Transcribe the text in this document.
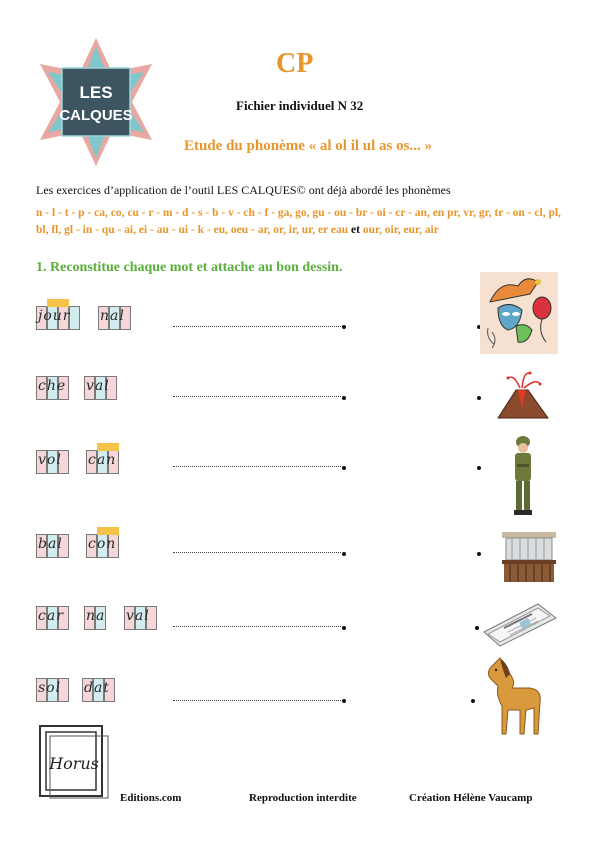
LES
CALQUES
CP
Fichier individuel N 32
Etude du phonème « al ol il ul as os... »
Les exercices d’application de l’outil LES CALQUES© ont déjà abordé les phonèmes
n - l - t - p - ca, co, cu - r - m - d - s - b - v - ch - f - ga, go, gu - ou - br - oi - cr - an, en pr, vr, gr, tr - on - cl, pl, bl, fl, gl - in - qu - ai, ei - au - ui - k - eu, oeu - ar, or, ir, ur, er eau et our, oir, eur, air
1. Reconstitue chaque mot et attache au bon dessin.
jour nal
che val
vol can
bal con
car na val
sol dat
Horus
Editions.com	Reproduction interdite	Création Hélène Vaucamp
